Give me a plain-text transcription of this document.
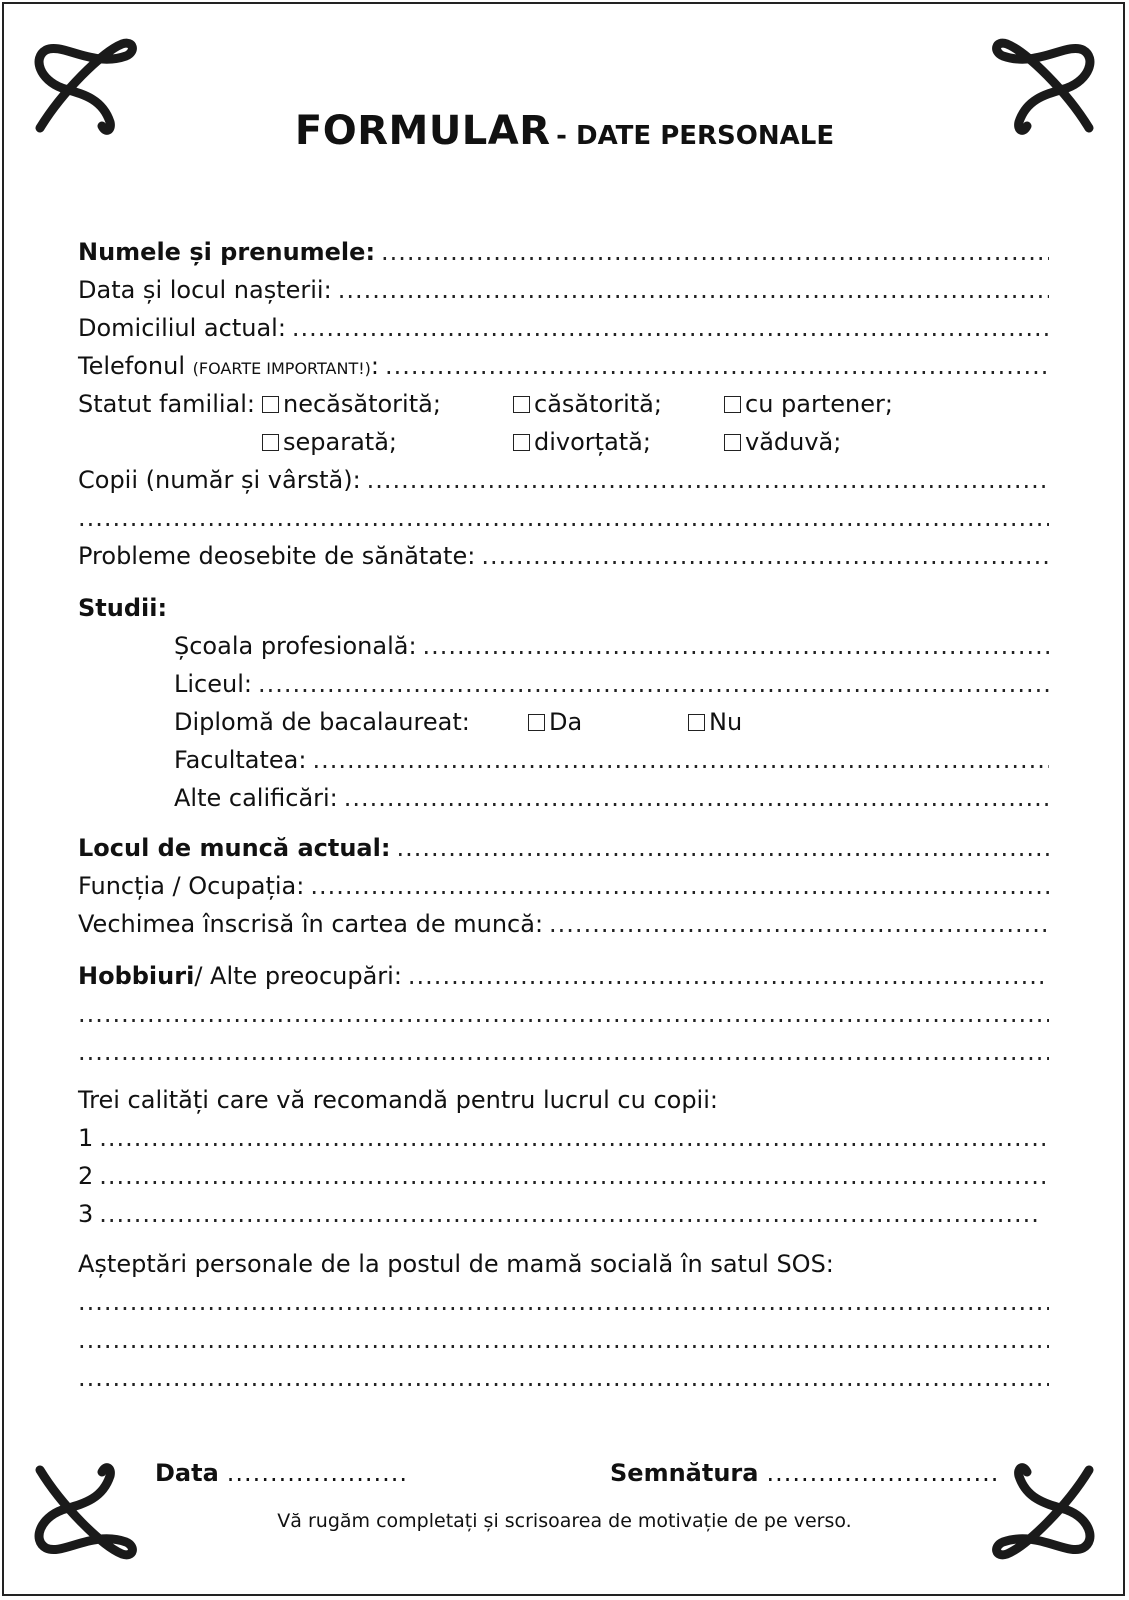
FORMULAR - DATE PERSONALE
Numele și prenumele:
.....
Data și locul nașterii:
.....
Domiciliul actual:
.....
Telefonul (FOARTE IMPORTANT!):
.....
Statut familial: necăsătorită;	căsătorită;	cu partener;
separată;	divorțată;	văduvă;
Copii (număr și vârstă):
.....
.....
Probleme deosebite de sănătate:
.....
Studii:
Școala profesională:
.....
Liceul:
.....
Diplomă de bacalaureat:	Da	Nu
Facultatea:
.....
Alte calificări:
.....
Locul de muncă actual:
.....
Funcția / Ocupația:
.....
Vechimea înscrisă în cartea de muncă:
.....
Hobbiuri/ Alte preocupări:
.....
.....
.....
Trei calități care vă recomandă pentru lucrul cu copii:
1
.....
2
.....
3
.....
Așteptări personale de la postul de mamă socială în satul SOS:
.....
.....
.....
Data
.....	Semnătura
.....
Vă rugăm completați și scrisoarea de motivație de pe verso.
